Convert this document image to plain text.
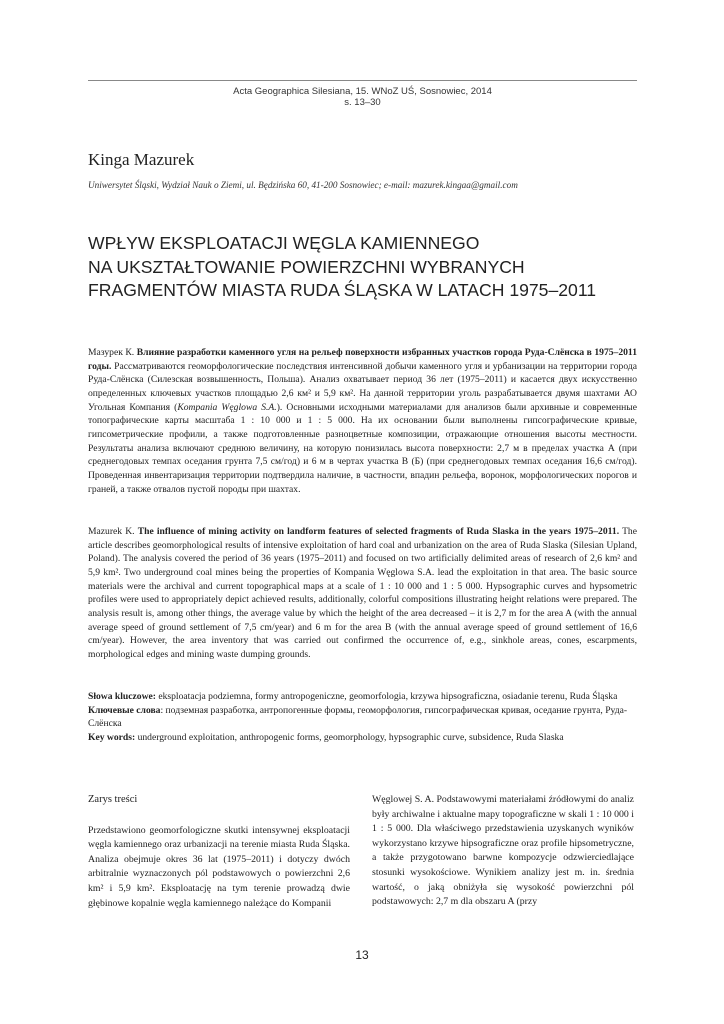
Acta Geographica Silesiana, 15. WNoZ UŚ, Sosnowiec, 2014
s. 13–30
Kinga Mazurek
Uniwersytet Śląski, Wydział Nauk o Ziemi, ul. Będzińska 60, 41-200 Sosnowiec; e-mail: mazurek.kingaa@gmail.com
WPŁYW EKSPLOATACJI WĘGLA KAMIENNEGO
NA UKSZTAŁTOWANIE POWIERZCHNI WYBRANYCH
FRAGMENTÓW MIASTA RUDA ŚLĄSKA W LATACH 1975–2011
Мазурек К. Влияние разработки каменного угля на рельеф поверхности избранных участков города Руда-Слёнска в 1975–2011 годы. Рассматриваются геоморфологические последствия интенсивной добычи каменного угля и урбанизации на территории города Руда-Слёнска (Силезская возвышенность, Польша). Анализ охватывает период 36 лет (1975–2011) и касается двух искусственно определенных ключевых участков площадью 2,6 км² и 5,9 км². На данной территории уголь разрабатывается двумя шахтами АО Угольная Компания (Kompania Węglowa S.A.). Основными исходными материалами для анализов были архивные и современные топографические карты масштаба 1 : 10 000 и 1 : 5 000. На их основании были выполнены гипсографические кривые, гипсометрические профили, а также подготовленные разноцветные композиции, отражающие отношения высоты местности. Результаты анализа включают среднюю величину, на которую понизилась высота поверхности: 2,7 м в пределах участка А (при среднегодовых темпах оседания грунта 7,5 см/год) и 6 м в чертах участка В (Б) (при среднегодовых темпах оседания 16,6 см/год). Проведенная инвентаризация территории подтвердила наличие, в частности, впадин рельефа, воронок, морфологических порогов и граней, а также отвалов пустой породы при шахтах.
Mazurek K. The influence of mining activity on landform features of selected fragments of Ruda Slaska in the years 1975–2011. The article describes geomorphological results of intensive exploitation of hard coal and urbanization on the area of Ruda Slaska (Silesian Upland, Poland). The analysis covered the period of 36 years (1975–2011) and focused on two artificially delimited areas of research of 2,6 km² and 5,9 km². Two underground coal mines being the properties of Kompania Węglowa S.A. lead the exploitation in that area. The basic source materials were the archival and current topographical maps at a scale of 1 : 10 000 and 1 : 5 000. Hypsographic curves and hypsometric profiles were used to appropriately depict achieved results, additionally, colorful compositions illustrating height relations were prepared. The analysis result is, among other things, the average value by which the height of the area decreased – it is 2,7 m for the area A (with the annual average speed of ground settlement of 7,5 cm/year) and 6 m for the area B (with the annual average speed of ground settlement of 16,6 cm/year). However, the area inventory that was carried out confirmed the occurrence of, e.g., sinkhole areas, cones, escarpments, morphological edges and mining waste dumping grounds.
Słowa kluczowe: eksploatacja podziemna, formy antropogeniczne, geomorfologia, krzywa hipsograficzna, osiadanie terenu, Ruda Śląska
Ключевые слова: подземная разработка, антропогенные формы, геоморфология, гипсографическая кривая, оседание грунта, Руда-Слёнска
Key words: underground exploitation, anthropogenic forms, geomorphology, hypsographic curve, subsidence, Ruda Slaska
Zarys treści

Przedstawiono geomorfologiczne skutki intensywnej eksploatacji węgla kamiennego oraz urbanizacji na terenie miasta Ruda Śląska. Analiza obejmuje okres 36 lat (1975–2011) i dotyczy dwóch arbitralnie wyznaczonych pól podstawowych o powierzchni 2,6 km² i 5,9 km². Eksploatację na tym terenie prowadzą dwie głębinowe kopalnie węgla kamiennego należące do Kompanii

Węglowej S. A. Podstawowymi materiałami źródłowymi do analiz były archiwalne i aktualne mapy topograficzne w skali 1 : 10 000 i 1 : 5 000. Dla właściwego przedstawienia uzyskanych wyników wykorzystano krzywe hipsograficzne oraz profile hipsometryczne, a także przygotowano barwne kompozycje odzwierciedlające stosunki wysokościowe. Wynikiem analizy jest m. in. średnia wartość, o jaką obniżyła się wysokość powierzchni pól podstawowych: 2,7 m dla obszaru A (przy

13
